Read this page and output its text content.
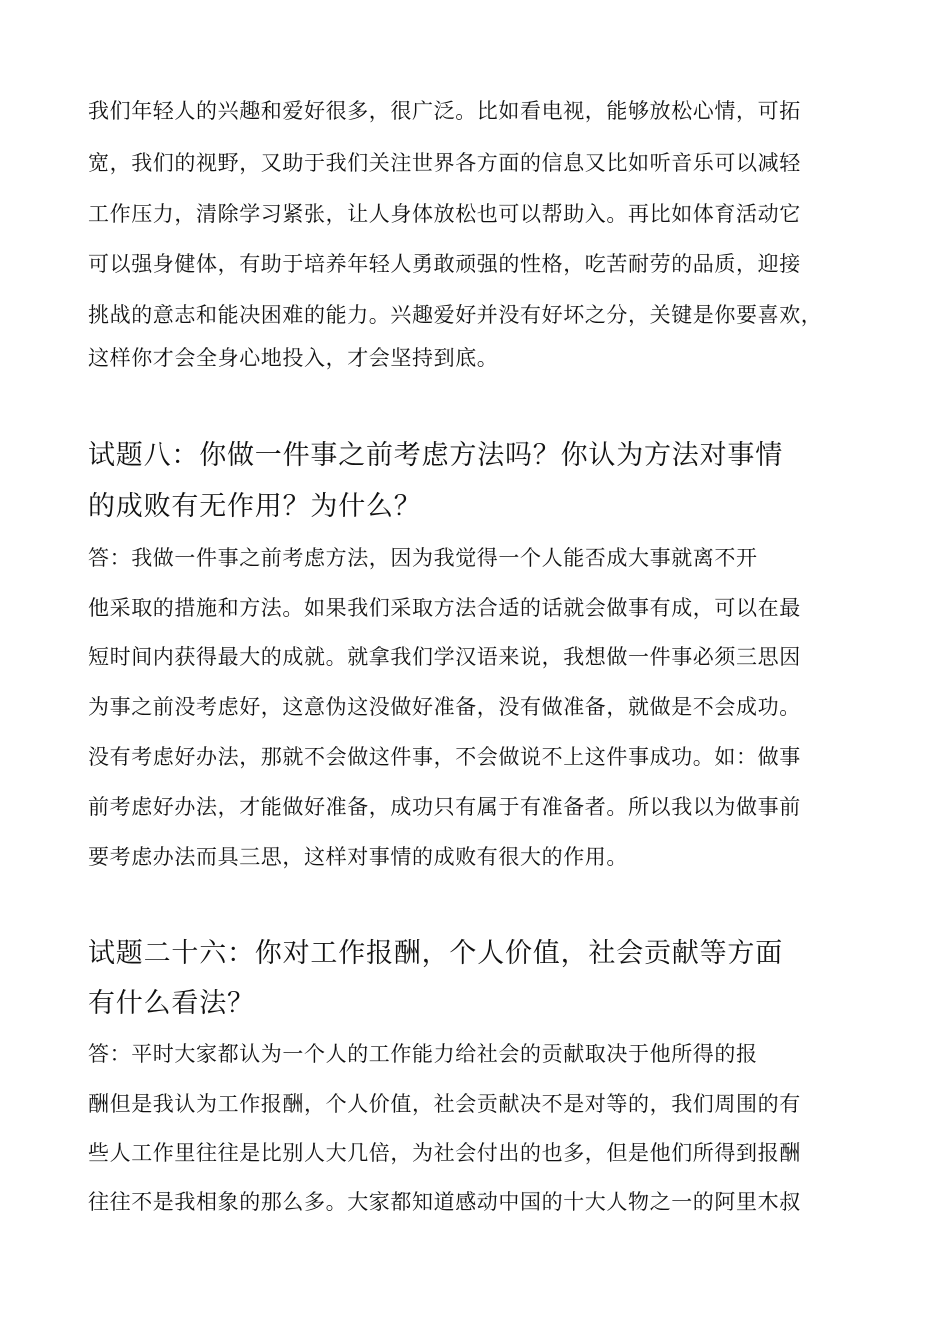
我们年轻人的兴趣和爱好很多，很广泛。比如看电视，能够放松心情，可拓
宽，我们的视野，又助于我们关注世界各方面的信息又比如听音乐可以减轻
工作压力，清除学习紧张，让人身体放松也可以帮助入。再比如体育活动它
可以强身健体，有助于培养年轻人勇敢顽强的性格，吃苦耐劳的品质，迎接
挑战的意志和能决困难的能力。兴趣爱好并没有好坏之分，关键是你要喜欢，
这样你才会全身心地投入，才会坚持到底。
试题八：你做一件事之前考虑方法吗？你认为方法对事情
的成败有无作用？为什么？
答：我做一件事之前考虑方法，因为我觉得一个人能否成大事就离不开
他采取的措施和方法。如果我们采取方法合适的话就会做事有成，可以在最
短时间内获得最大的成就。就拿我们学汉语来说，我想做一件事必须三思因
为事之前没考虑好，这意伪这没做好准备，没有做准备，就做是不会成功。
没有考虑好办法，那就不会做这件事，不会做说不上这件事成功。如：做事
前考虑好办法，才能做好准备，成功只有属于有准备者。所以我以为做事前
要考虑办法而具三思，这样对事情的成败有很大的作用。
试题二十六：你对工作报酬，个人价值，社会贡献等方面
有什么看法？
答：平时大家都认为一个人的工作能力给社会的贡献取决于他所得的报
酬但是我认为工作报酬，个人价值，社会贡献决不是对等的，我们周围的有
些人工作里往往是比别人大几倍，为社会付出的也多，但是他们所得到报酬
往往不是我相象的那么多。大家都知道感动中国的十大人物之一的阿里木叔
